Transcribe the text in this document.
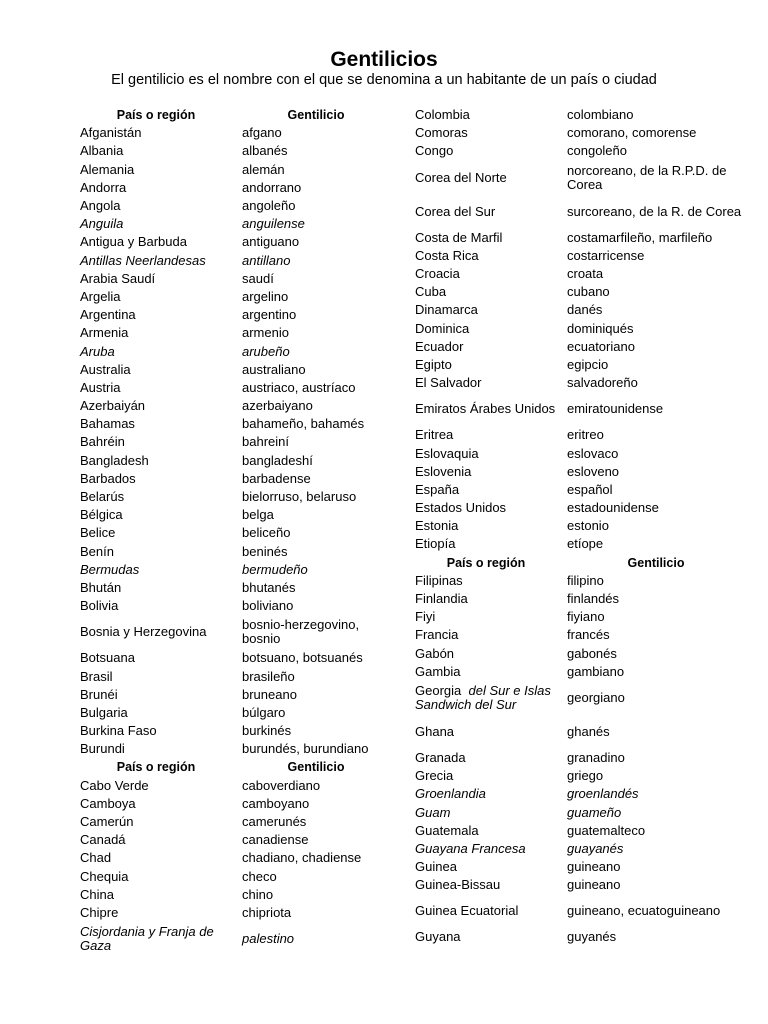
Gentilicios
El gentilicio es el nombre con el que se denomina a un habitante de un país o ciudad
País o región	Gentilicio
Afganistán	afgano
Albania	albanés
Alemania	alemán
Andorra	andorrano
Angola	angoleño
Anguila	anguilense
Antigua y Barbuda	antiguano
Antillas Neerlandesas	antillano
Arabia Saudí	saudí
Argelia	argelino
Argentina	argentino
Armenia	armenio
Aruba	arubeño
Australia	australiano
Austria	austriaco, austríaco
Azerbaiyán	azerbaiyano
Bahamas	bahameño, bahamés
Bahréin	bahreiní
Bangladesh	bangladeshí
Barbados	barbadense
Belarús	bielorruso, belaruso
Bélgica	belga
Belice	beliceño
Benín	beninés
Bermudas	bermudeño
Bhután	bhutanés
Bolivia	boliviano
Bosnia y Herzegovina	bosnio-herzegovino, bosnio
Botsuana	botsuano, botsuanés
Brasil	brasileño
Brunéi	bruneano
Bulgaria	búlgaro
Burkina Faso	burkinés
Burundi	burundés, burundiano
País o región	Gentilicio
Cabo Verde	caboverdiano
Camboya	camboyano
Camerún	camerunés
Canadá	canadiense
Chad	chadiano, chadiense
Chequia	checo
China	chino
Chipre	chipriota
Cisjordania y Franja de Gaza	palestino
Colombia	colombiano
Comoras	comorano, comorense
Congo	congoleño
Corea del Norte	norcoreano, de la R.P.D. de Corea
Corea del Sur	surcoreano, de la R. de Corea
Costa de Marfil	costamarfileño, marfileño
Costa Rica	costarricense
Croacia	croata
Cuba	cubano
Dinamarca	danés
Dominica	dominiqués
Ecuador	ecuatoriano
Egipto	egipcio
El Salvador	salvadoreño
Emiratos Árabes Unidos	emiratounidense
Eritrea	eritreo
Eslovaquia	eslovaco
Eslovenia	esloveno
España	español
Estados Unidos	estadounidense
Estonia	estonio
Etiopía	etíope
País o región	Gentilicio
Filipinas	filipino
Finlandia	finlandés
Fiyi	fiyiano
Francia	francés
Gabón	gabonés
Gambia	gambiano
Georgia del Sur e Islas Sandwich del Sur	georgiano
Ghana	ghanés
Granada	granadino
Grecia	griego
Groenlandia	groenlandés
Guam	guameño
Guatemala	guatemalteco
Guayana Francesa	guayanés
Guinea	guineano
Guinea-Bissau	guineano
Guinea Ecuatorial	guineano, ecuatoguineano
Guyana	guyanés
